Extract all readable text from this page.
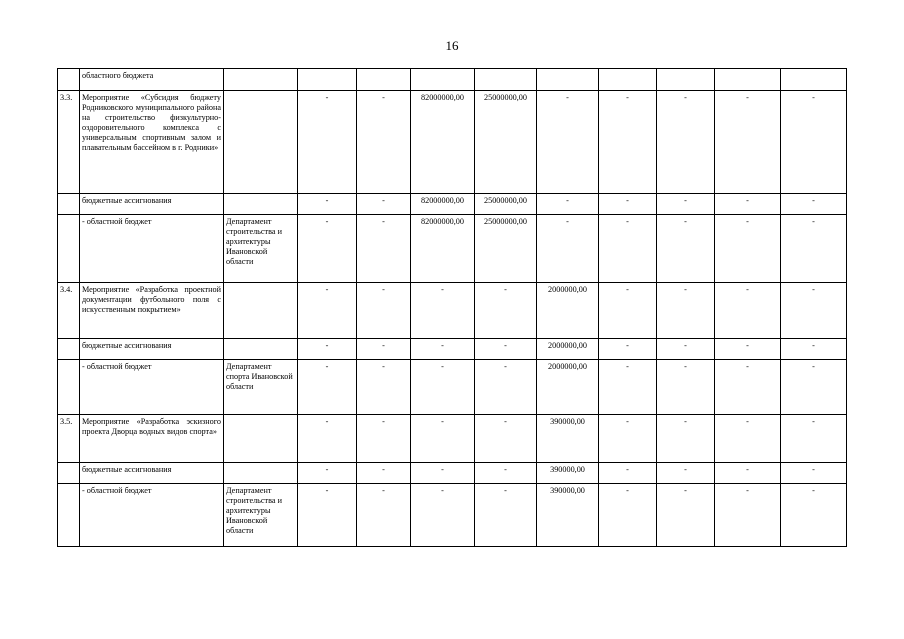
16
	областного бюджета										
3.3.	Мероприятие «Субсидия бюджету Родниковского муниципального района на строительство физкультурно-оздоровительного комплекса с универсальным спортивным залом и плавательным бассейном в г. Родники»		-	-	82000000,00	25000000,00	-	-	-	-	-
	бюджетные ассигнования		-	-	82000000,00	25000000,00	-	-	-	-	-
	- областной бюджет	Департамент строительства и архитектуры Ивановской области	-	-	82000000,00	25000000,00	-	-	-	-	-
3.4.	Мероприятие «Разработка проектной документации футбольного поля с искусственным покрытием»		-	-	-	-	2000000,00	-	-	-	-
	бюджетные ассигнования		-	-	-	-	2000000,00	-	-	-	-
	- областной бюджет	Департамент спорта Ивановской области	-	-	-	-	2000000,00	-	-	-	-
3.5.	Мероприятие «Разработка эскизного проекта Дворца водных видов спорта»		-	-	-	-	390000,00	-	-	-	-
	бюджетные ассигнования		-	-	-	-	390000,00	-	-	-	-
	- областной бюджет	Департамент строительства и архитектуры Ивановской области	-	-	-	-	390000,00	-	-	-	-
